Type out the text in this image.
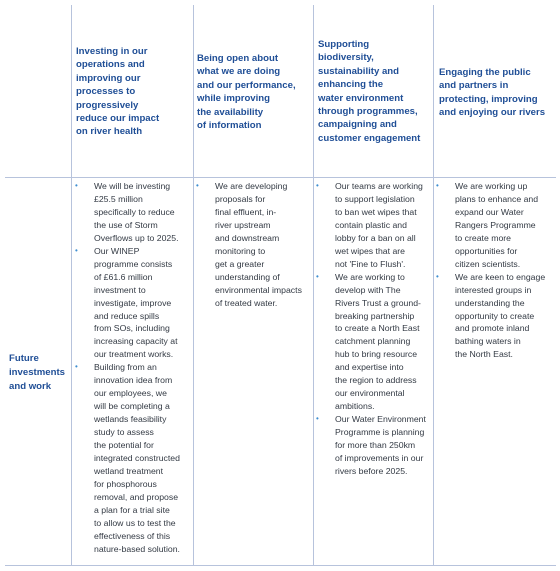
Investing in our
operations and
improving our
processes to
progressively
reduce our impact
on river health
Being open about
what we are doing
and our performance,
while improving
the availability
of information
Supporting
biodiversity,
sustainability and
enhancing the
water environment
through programmes,
campaigning and
customer engagement
Engaging the public
and partners in
protecting, improving
and enjoying our rivers
Future
investments
and work
• We will be investing
£25.5 million
specifically to reduce
the use of Storm
Overflows up to 2025.
• Our WINEP
programme consists
of £61.6 million
investment to
investigate, improve
and reduce spills
from SOs, including
increasing capacity at
our treatment works.
• Building from an
innovation idea from
our employees, we
will be completing a
wetlands feasibility
study to assess
the potential for
integrated constructed
wetland treatment
for phosphorous
removal, and propose
a plan for a trial site
to allow us to test the
effectiveness of this
nature-based solution.
• We are developing
proposals for
final effluent, in-
river upstream
and downstream
monitoring to
get a greater
understanding of
environmental impacts
of treated water.
• Our teams are working
to support legislation
to ban wet wipes that
contain plastic and
lobby for a ban on all
wet wipes that are
not 'Fine to Flush'.
• We are working to
develop with The
Rivers Trust a ground-
breaking partnership
to create a North East
catchment planning
hub to bring resource
and expertise into
the region to address
our environmental
ambitions.
• Our Water Environment
Programme is planning
for more than 250km
of improvements in our
rivers before 2025.
• We are working up
plans to enhance and
expand our Water
Rangers Programme
to create more
opportunities for
citizen scientists.
• We are keen to engage
interested groups in
understanding the
opportunity to create
and promote inland
bathing waters in
the North East.
